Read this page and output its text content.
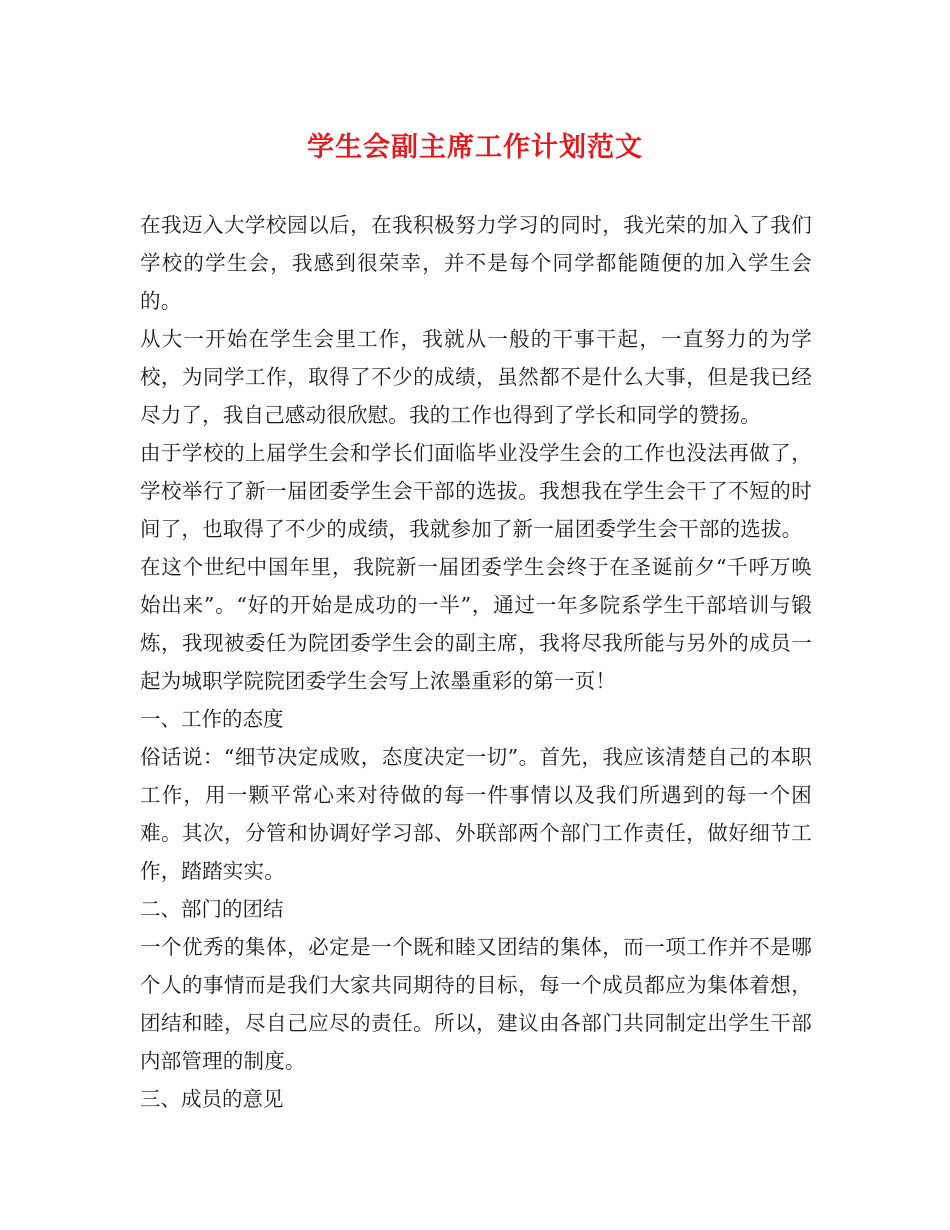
学生会副主席工作计划范文

在我迈入大学校园以后，在我积极努力学习的同时，我光荣的加入了我们学校的学生会，我感到很荣幸，并不是每个同学都能随便的加入学生会的。

从大一开始在学生会里工作，我就从一般的干事干起，一直努力的为学校，为同学工作，取得了不少的成绩，虽然都不是什么大事，但是我已经尽力了，我自己感动很欣慰。我的工作也得到了学长和同学的赞扬。

由于学校的上届学生会和学长们面临毕业没学生会的工作也没法再做了，学校举行了新一届团委学生会干部的选拔。我想我在学生会干了不短的时间了，也取得了不少的成绩，我就参加了新一届团委学生会干部的选拔。

在这个世纪中国年里，我院新一届团委学生会终于在圣诞前夕“千呼万唤始出来”。“好的开始是成功的一半”，通过一年多院系学生干部培训与锻炼，我现被委任为院团委学生会的副主席，我将尽我所能与另外的成员一起为城职学院院团委学生会写上浓墨重彩的第一页！

一、工作的态度

俗话说：“细节决定成败，态度决定一切”。首先，我应该清楚自己的本职工作，用一颗平常心来对待做的每一件事情以及我们所遇到的每一个困难。其次，分管和协调好学习部、外联部两个部门工作责任，做好细节工作，踏踏实实。

二、部门的团结

一个优秀的集体，必定是一个既和睦又团结的集体，而一项工作并不是哪个人的事情而是我们大家共同期待的目标，每一个成员都应为集体着想，团结和睦，尽自己应尽的责任。所以，建议由各部门共同制定出学生干部内部管理的制度。

三、成员的意见
